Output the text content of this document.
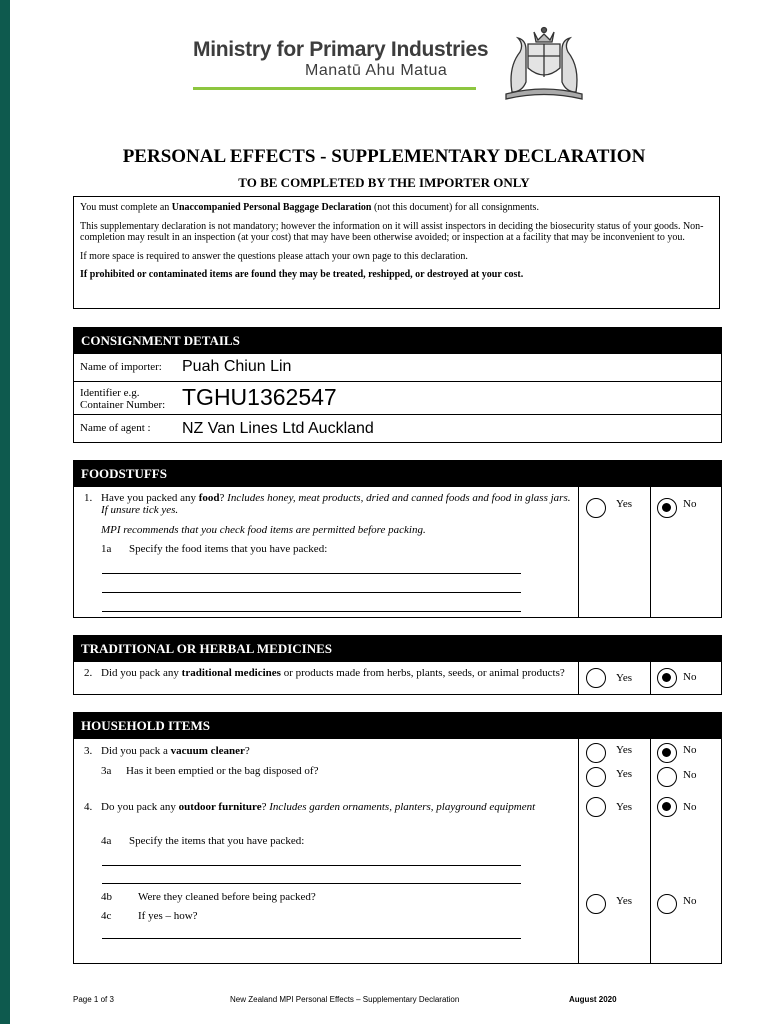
Ministry for Primary Industries
Manatū Ahu Matua
PERSONAL EFFECTS - SUPPLEMENTARY DECLARATION
TO BE COMPLETED BY THE IMPORTER ONLY

You must complete an Unaccompanied Personal Baggage Declaration (not this document) for all consignments.

This supplementary declaration is not mandatory; however the information on it will assist inspectors in deciding the biosecurity status of your goods. Non-completion may result in an inspection (at your cost) that may have been otherwise avoided; or inspection at a facility that may be inconvenient to you.

If more space is required to answer the questions please attach your own page to this declaration.

If prohibited or contaminated items are found they may be treated, reshipped, or destroyed at your cost.

CONSIGNMENT DETAILS
Name of importer: Puah Chiun Lin
Identifier e.g.
Container Number: TGHU1362547
Name of agent : NZ Van Lines Ltd Auckland
FOODSTUFFS
1. Have you packed any food? Includes honey, meat products, dried and canned foods and food in glass jars. If unsure tick yes.
MPI recommends that you check food items are permitted before packing.
1a Specify the food items that you have packed:
Yes	No
TRADITIONAL OR HERBAL MEDICINES
2. Did you pack any traditional medicines or products made from herbs, plants, seeds, or animal products?	Yes	No
HOUSEHOLD ITEMS
3. Did you pack a vacuum cleaner?	Yes	No
3a Has it been emptied or the bag disposed of?	Yes	No
4. Do you pack any outdoor furniture? Includes garden ornaments, planters, playground equipment	Yes	No
4a Specify the items that you have packed:
4b Were they cleaned before being packed?	Yes	No
4c If yes – how?
Page 1 of 3	New Zealand MPI Personal Effects – Supplementary Declaration	August 2020
